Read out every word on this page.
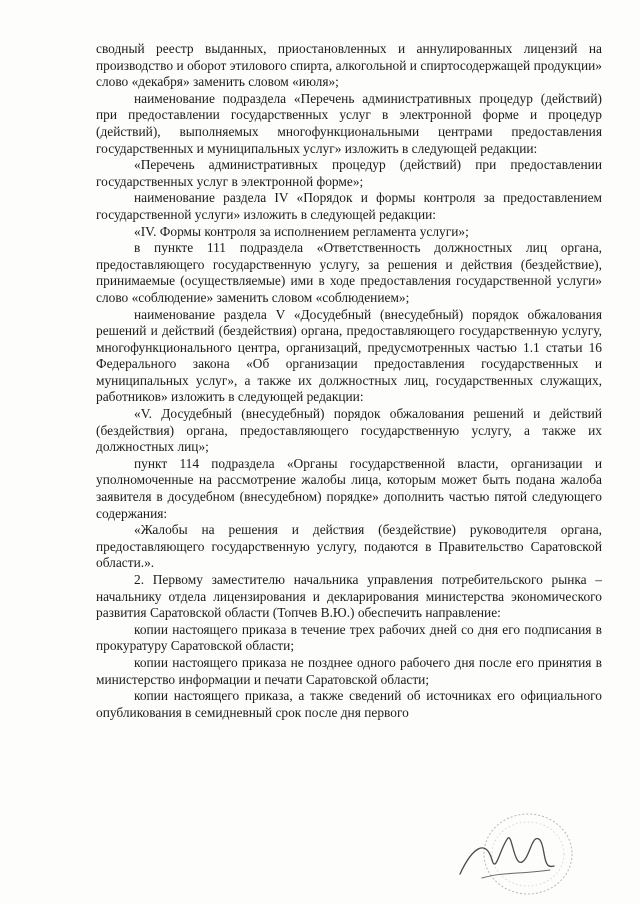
сводный реестр выданных, приостановленных и аннулированных лицензий на производство и оборот этилового спирта, алкогольной и спиртосодержащей продукции» слово «декабря» заменить словом «июля»;

наименование подраздела «Перечень административных процедур (действий) при предоставлении государственных услуг в электронной форме и процедур (действий), выполняемых многофункциональными центрами предоставления государственных и муниципальных услуг» изложить в следующей редакции:

«Перечень административных процедур (действий) при предоставлении государственных услуг в электронной форме»;

наименование раздела IV «Порядок и формы контроля за предоставлением государственной услуги» изложить в следующей редакции:

«IV. Формы контроля за исполнением регламента услуги»;

в пункте 111 подраздела «Ответственность должностных лиц органа, предоставляющего государственную услугу, за решения и действия (бездействие), принимаемые (осуществляемые) ими в ходе предоставления государственной услуги» слово «соблюдение» заменить словом «соблюдением»;

наименование раздела V «Досудебный (внесудебный) порядок обжалования решений и действий (бездействия) органа, предоставляющего государственную услугу, многофункционального центра, организаций, предусмотренных частью 1.1 статьи 16 Федерального закона «Об организации предоставления государственных и муниципальных услуг», а также их должностных лиц, государственных служащих, работников» изложить в следующей редакции:

«V. Досудебный (внесудебный) порядок обжалования решений и действий (бездействия) органа, предоставляющего государственную услугу, а также их должностных лиц»;

пункт 114 подраздела «Органы государственной власти, организации и уполномоченные на рассмотрение жалобы лица, которым может быть подана жалоба заявителя в досудебном (внесудебном) порядке» дополнить частью пятой следующего содержания:

«Жалобы на решения и действия (бездействие) руководителя органа, предоставляющего государственную услугу, подаются в Правительство Саратовской области.».

2. Первому заместителю начальника управления потребительского рынка – начальнику отдела лицензирования и декларирования министерства экономического развития Саратовской области (Топчев В.Ю.) обеспечить направление:

копии настоящего приказа в течение трех рабочих дней со дня его подписания в прокуратуру Саратовской области;

копии настоящего приказа не позднее одного рабочего дня после его принятия в министерство информации и печати Саратовской области;

копии настоящего приказа, а также сведений об источниках его официального опубликования в семидневный срок после дня первого
